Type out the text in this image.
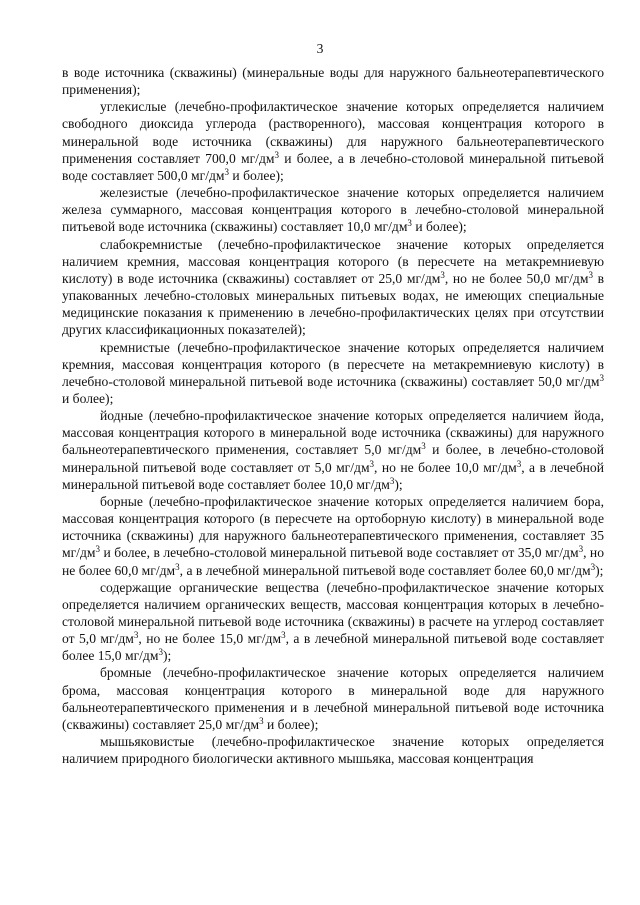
3

в воде источника (скважины) (минеральные воды для наружного бальнеотерапевтического применения);

углекислые (лечебно-профилактическое значение которых определяется наличием свободного диоксида углерода (растворенного), массовая концентрация которого в минеральной воде источника (скважины) для наружного бальнеотерапевтического применения составляет 700,0 $мг/дм^3$ и более, а в лечебно-столовой минеральной питьевой воде составляет 500,0 $мг/дм^3$ и более);

железистые (лечебно-профилактическое значение которых определяется наличием железа суммарного, массовая концентрация которого в лечебно-столовой минеральной питьевой воде источника (скважины) составляет 10,0 $мг/дм^3$ и более);

слабокремнистые (лечебно-профилактическое значение которых определяется наличием кремния, массовая концентрация которого (в пересчете на метакремниевую кислоту) в воде источника (скважины) составляет от 25,0 $мг/дм^3$, но не более 50,0 $мг/дм^3$ в упакованных лечебно-столовых минеральных питьевых водах, не имеющих специальные медицинские показания к применению в лечебно-профилактических целях при отсутствии других классификационных показателей);

кремнистые (лечебно-профилактическое значение которых определяется наличием кремния, массовая концентрация которого (в пересчете на метакремниевую кислоту) в лечебно-столовой минеральной питьевой воде источника (скважины) составляет 50,0 $мг/дм^3$ и более);

йодные (лечебно-профилактическое значение которых определяется наличием йода, массовая концентрация которого в минеральной воде источника (скважины) для наружного бальнеотерапевтического применения, составляет 5,0 $мг/дм^3$ и более, в лечебно-столовой минеральной питьевой воде составляет от 5,0 $мг/дм^3$, но не более 10,0 $мг/дм^3$, а в лечебной минеральной питьевой воде составляет более 10,0 $мг/дм^3$);

борные (лечебно-профилактическое значение которых определяется наличием бора, массовая концентрация которого (в пересчете на ортоборную кислоту) в минеральной воде источника (скважины) для наружного бальнеотерапевтического применения, составляет 35 $мг/дм^3$ и более, в лечебно-столовой минеральной питьевой воде составляет от 35,0 $мг/дм^3$, но не более 60,0 $мг/дм^3$, а в лечебной минеральной питьевой воде составляет более 60,0 $мг/дм^3$);

содержащие органические вещества (лечебно-профилактическое значение которых определяется наличием органических веществ, массовая концентрация которых в лечебно-столовой минеральной питьевой воде источника (скважины) в расчете на углерод составляет от 5,0 $мг/дм^3$, но не более 15,0 $мг/дм^3$, а в лечебной минеральной питьевой воде составляет более 15,0 $мг/дм^3$);

бромные (лечебно-профилактическое значение которых определяется наличием брома, массовая концентрация которого в минеральной воде для наружного бальнеотерапевтического применения и в лечебной минеральной питьевой воде источника (скважины) составляет 25,0 $мг/дм^3$ и более);

мышьяковистые (лечебно-профилактическое значение которых определяется наличием природного биологически активного мышьяка, массовая концентрация
